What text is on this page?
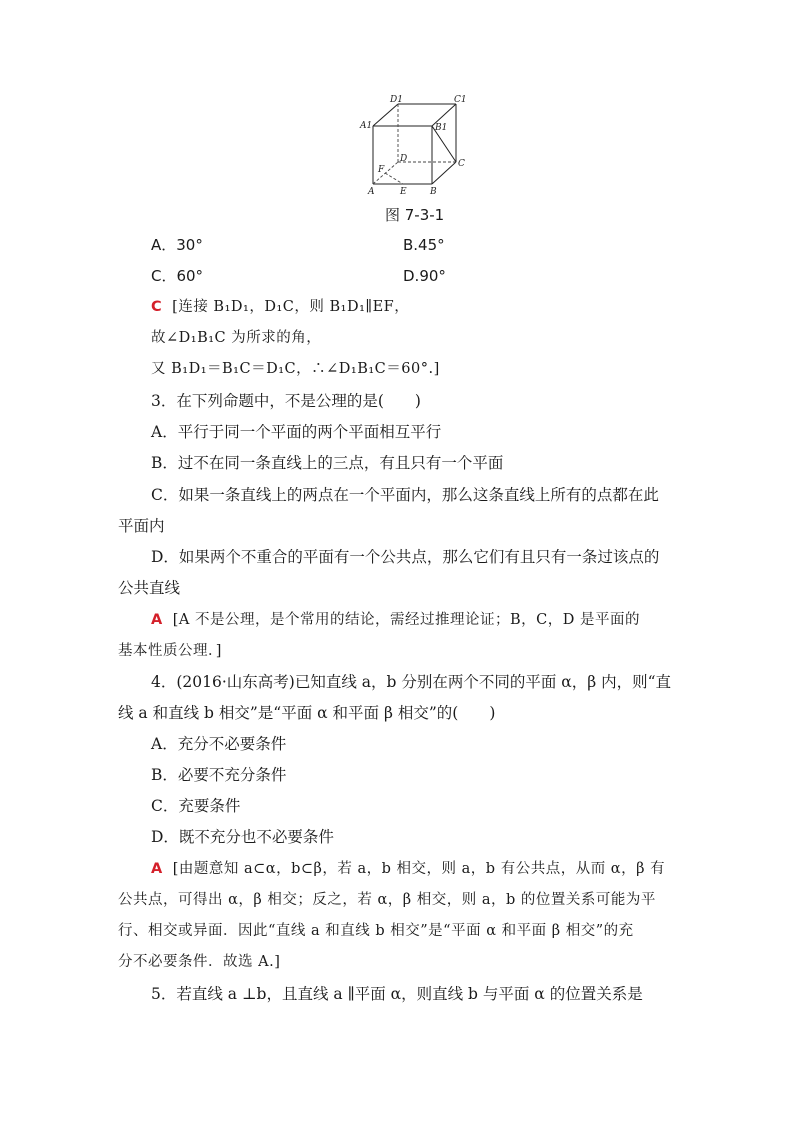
D1	C1
A1	B1
D
F
C
A	E	B
图 7-3-1
A．30°	B.45°
C．60°	D.90°
C [连接 B₁D₁，D₁C，则 B₁D₁∥EF，
故∠D₁B₁C 为所求的角，
又 B₁D₁＝B₁C＝D₁C，∴∠D₁B₁C＝60°.]
3．在下列命题中，不是公理的是(　　)
A．平行于同一个平面的两个平面相互平行
B．过不在同一条直线上的三点，有且只有一个平面
C．如果一条直线上的两点在一个平面内，那么这条直线上所有的点都在此
平面内
D．如果两个不重合的平面有一个公共点，那么它们有且只有一条过该点的
公共直线
A [A 不是公理，是个常用的结论，需经过推理论证；B，C，D 是平面的
基本性质公理．]
4．(2016·山东高考)已知直线 a，b 分别在两个不同的平面 α，β 内，则“直
线 a 和直线 b 相交”是“平面 α 和平面 β 相交”的(　　)
A．充分不必要条件
B．必要不充分条件
C．充要条件
D．既不充分也不必要条件
A [由题意知 a⊂α，b⊂β，若 a，b 相交，则 a，b 有公共点，从而 α，β 有
公共点，可得出 α，β 相交；反之，若 α，β 相交，则 a，b 的位置关系可能为平
行、相交或异面．因此“直线 a 和直线 b 相交”是“平面 α 和平面 β 相交”的充
分不必要条件．故选 A.]
5．若直线 a ⊥b，且直线 a ∥平面 α，则直线 b 与平面 α 的位置关系是
